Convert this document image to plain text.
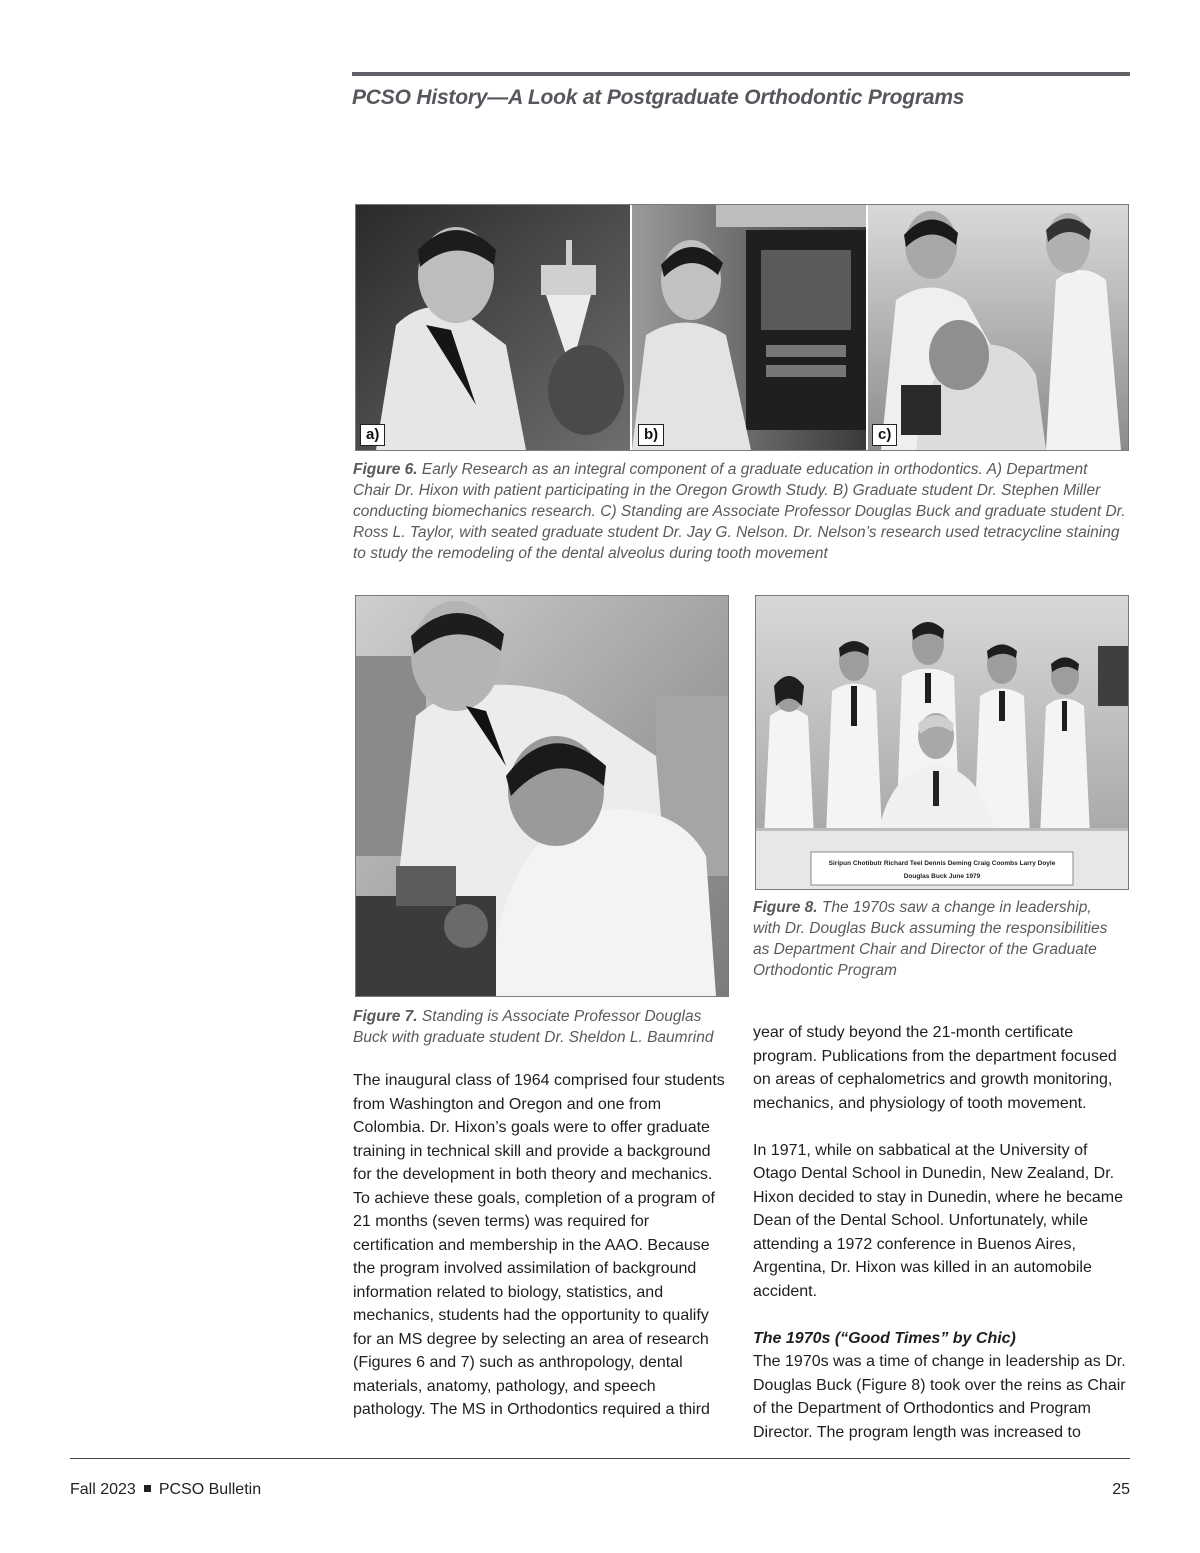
PCSO History—A Look at Postgraduate Orthodontic Programs
a)	b)	c)
Figure 6. Early Research as an integral component of a graduate education in orthodontics. A) Department Chair Dr. Hixon with patient participating in the Oregon Growth Study. B) Graduate student Dr. Stephen Miller conducting biomechanics research. C) Standing are Associate Professor Douglas Buck and graduate student Dr. Ross L. Taylor, with seated graduate student Dr. Jay G. Nelson. Dr. Nelson’s research used tetracycline staining to study the remodeling of the dental alveolus during tooth movement
Figure 7. Standing is Associate Professor Douglas Buck with graduate student Dr. Sheldon L. Baumrind
Siripun Chotibutr Richard Teel Dennis Deming Craig Coombs Larry Doyle
Douglas Buck June 1979
Figure 8. The 1970s saw a change in leadership, with Dr. Douglas Buck assuming the responsibilities as Department Chair and Director of the Graduate Orthodontic Program

The inaugural class of 1964 comprised four students from Washington and Oregon and one from Colombia. Dr. Hixon’s goals were to offer graduate training in technical skill and provide a background for the development in both theory and mechanics. To achieve these goals, completion of a program of 21 months (seven terms) was required for certification and membership in the AAO. Because the program involved assimilation of background information related to biology, statistics, and mechanics, students had the opportunity to qualify for an MS degree by selecting an area of research (Figures 6 and 7) such as anthropology, dental materials, anatomy, pathology, and speech pathology. The MS in Orthodontics required a third

year of study beyond the 21-month certificate program. Publications from the department focused on areas of cephalometrics and growth monitoring, mechanics, and physiology of tooth movement.

In 1971, while on sabbatical at the University of Otago Dental School in Dunedin, New Zealand, Dr. Hixon decided to stay in Dunedin, where he became Dean of the Dental School. Unfortunately, while attending a 1972 conference in Buenos Aires, Argentina, Dr. Hixon was killed in an automobile accident.

The 1970s (“Good Times” by Chic)
The 1970s was a time of change in leadership as Dr. Douglas Buck (Figure 8) took over the reins as Chair of the Department of Orthodontics and Program Director. The program length was increased to

Fall 2023 PCSO Bulletin	25
